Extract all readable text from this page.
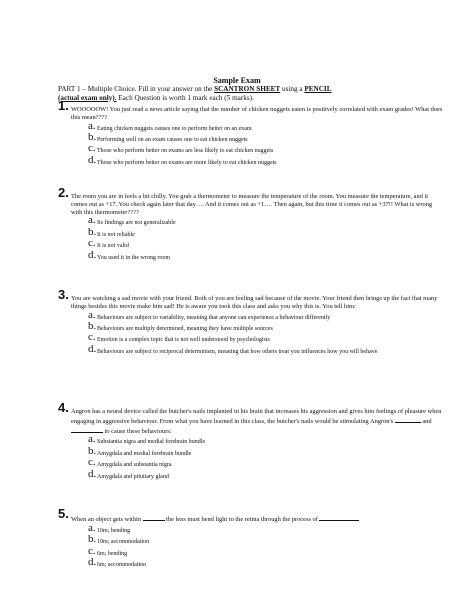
Sample Exam
PART 1 – Multiple Choice. Fill in your answer on the SCANTRON SHEET using a PENCIL
(actual exam only). Each Question is worth 1 mark each (5 marks).
1. WOOOOOW! You just read a news article saying that the number of chicken nuggets eaten is positively correlated with exam grades! What does this mean????
a. Eating chicken nuggets causes one to perform better on an exam
b. Performing well on an exam causes one to eat chicken nuggets
c. Those who perform better on exams are less likely to eat chicken nuggets
d. Those who perform better on exams are more likely to eat chicken nuggets
2. The room you are in feels a bit chilly. You grab a thermometer to measure the temperature of the room. You measure the temperature, and it comes out as +17. You check again later that day…. And it comes out as +1…. Then again, but this time it comes out as +37!! What is wrong with this thermometer????
a. Its findings are not generalizable
b. It is not reliable
c. It is not valid
d. You used it in the wrong room
3. You are watching a sad movie with your friend. Both of you are feeling sad because of the movie. Your friend then brings up the fact that many things besides this movie make him sad! He is aware you took this class and asks you why this is. You tell him:
a. Behaviours are subject to variability, meaning that anyone can experience a behaviour differently
b. Behaviours are multiply determined, meaning they have multiple sources
c. Emotion is a complex topic that is not well understood by psychologists
d. Behaviours are subject to reciprocal determinism, meaning that how others treat you influences how you will behave
4. Angron has a neural device called the butcher's nails implanted in his brain that increases his aggression and gives him feelings of pleasure when engaging in aggressive behaviour. From what you have learned in this class, the butcher's nails would be stimulating Angron's	and  to cause these behaviours:
a. Substantia nigra and medial forebrain bundle
b. Amygdala and medial forebrain bundle
c. Amygdala and substantia nigra
d. Amygdala and pituitary gland
5. When an object gets within	the lens must bend light to the retina through the process of
a. 10m; bending
b. 10m; accommodation
c. 6m; bending
d. 6m; accommodation
